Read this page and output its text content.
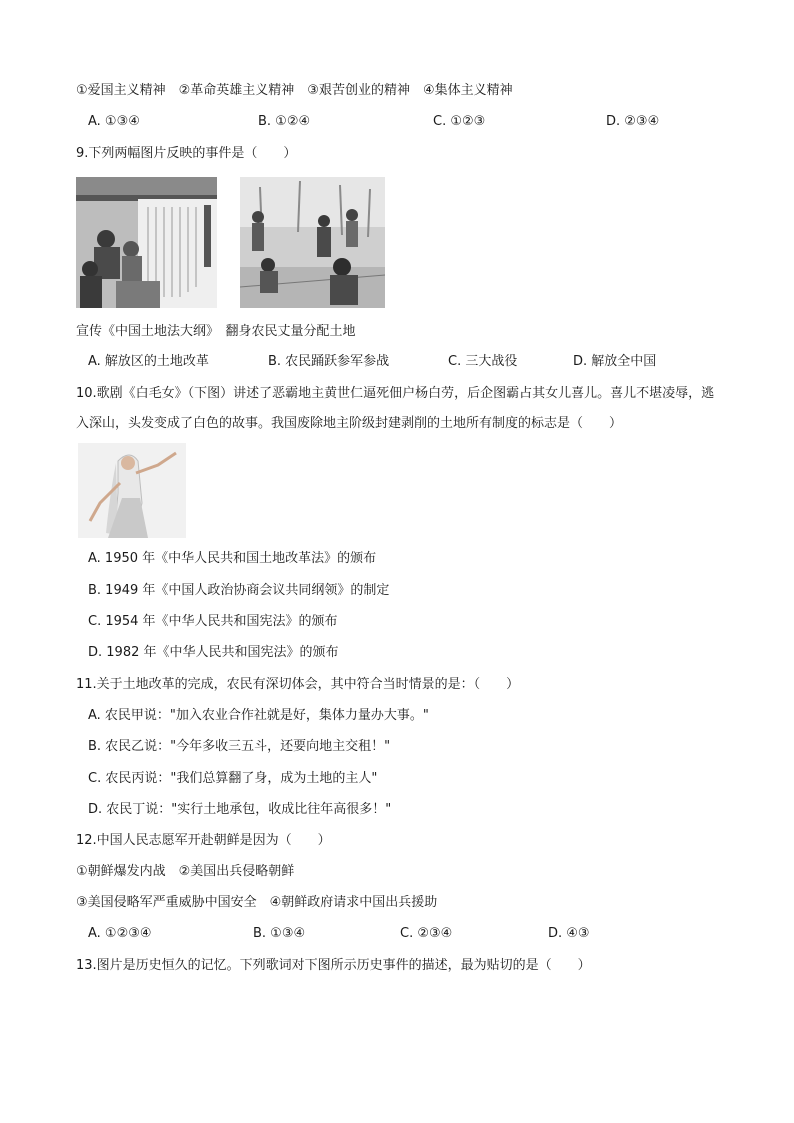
①爱国主义精神　②革命英雄主义精神　③艰苦创业的精神　④集体主义精神
A. ①③④	B. ①②④	C. ①②③	D. ②③④
9.下列两幅图片反映的事件是（　　）
宣传《中国土地法大纲》　翻身农民丈量分配土地
A. 解放区的土地改革	B. 农民踊跃参军参战	C. 三大战役	D. 解放全中国
10.歌剧《白毛女》（下图）讲述了恶霸地主黄世仁逼死佃户杨白劳，后企图霸占其女儿喜儿。喜儿不堪凌辱，逃入深山，头发变成了白色的故事。我国废除地主阶级封建剥削的土地所有制度的标志是（　　）
A. 1950 年《中华人民共和国土地改革法》的颁布
B. 1949 年《中国人政治协商会议共同纲领》的制定
C. 1954 年《中华人民共和国宪法》的颁布
D. 1982 年《中华人民共和国宪法》的颁布
11.关于土地改革的完成，农民有深切体会，其中符合当时情景的是：（　　）
A. 农民甲说："加入农业合作社就是好，集体力量办大事。"
B. 农民乙说："今年多收三五斗，还要向地主交租！"
C. 农民丙说："我们总算翻了身，成为土地的主人"
D. 农民丁说："实行土地承包，收成比往年高很多！"
12.中国人民志愿军开赴朝鲜是因为（　　）
①朝鲜爆发内战　②美国出兵侵略朝鲜
③美国侵略军严重威胁中国安全　④朝鲜政府请求中国出兵援助
A. ①②③④	B. ①③④	C. ②③④	D. ④③
13.图片是历史恒久的记忆。下列歌词对下图所示历史事件的描述，最为贴切的是（　　）
